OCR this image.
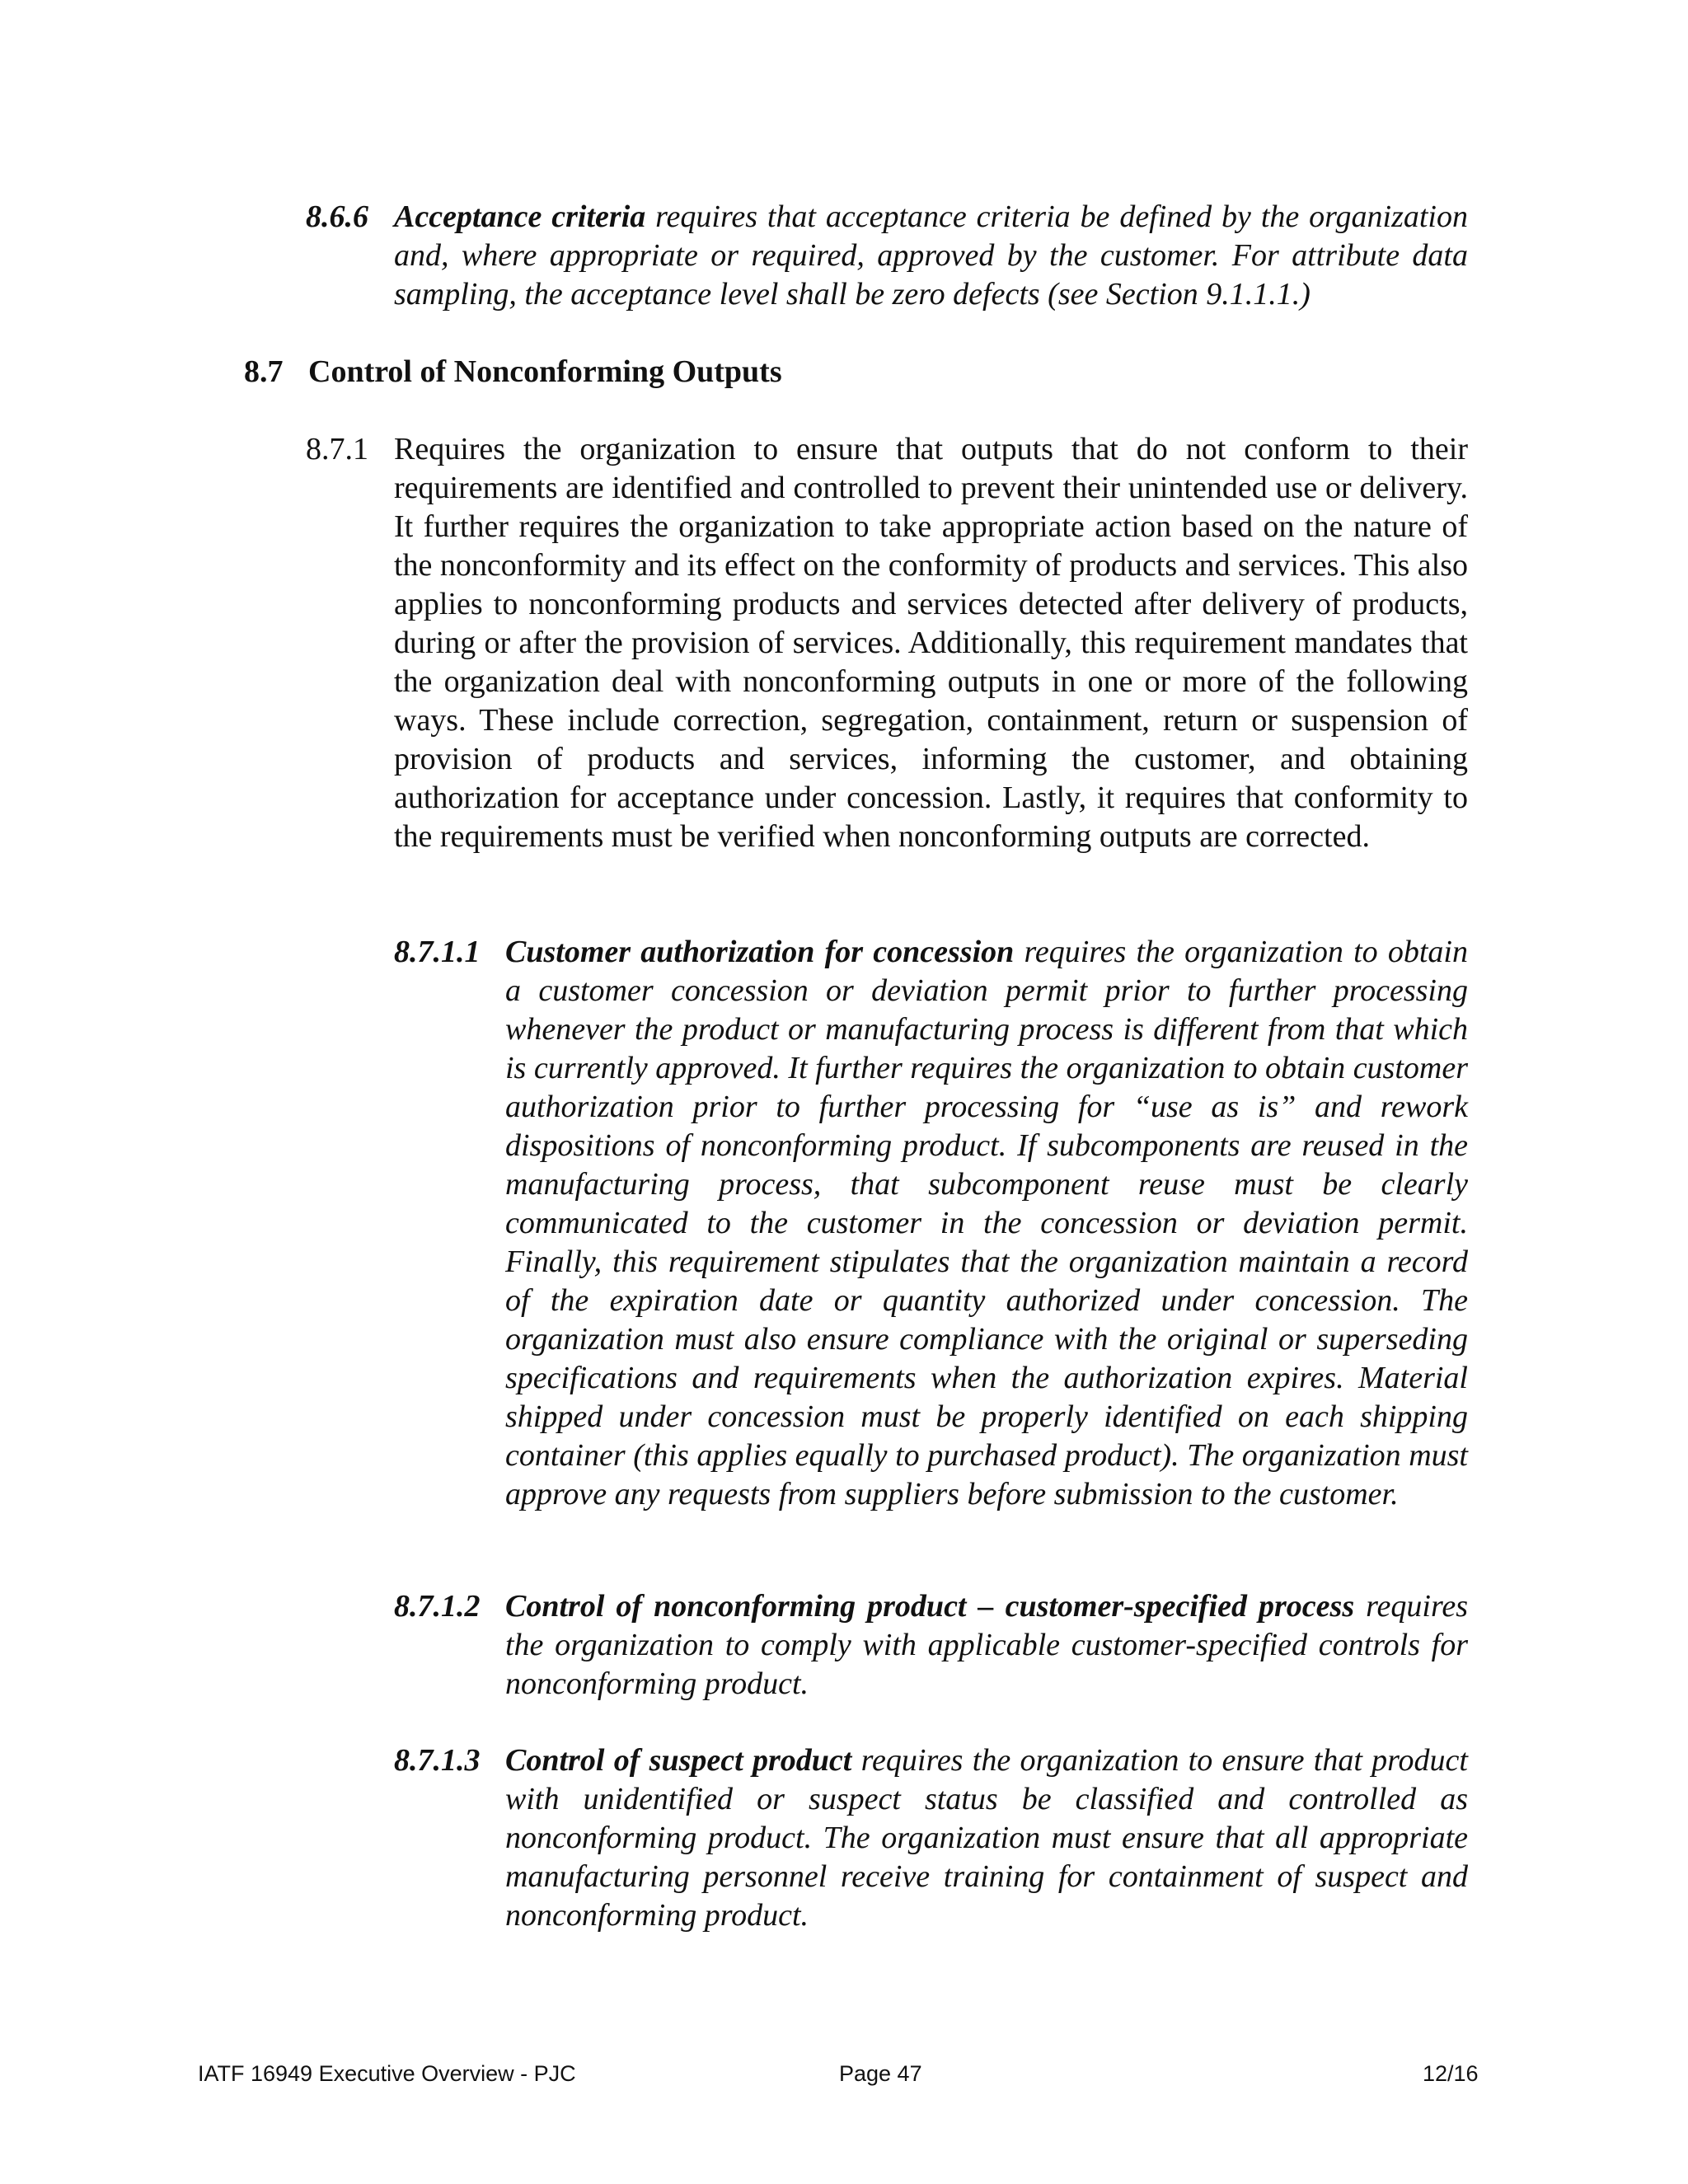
8.6.6 Acceptance criteria requires that acceptance criteria be defined by the organization and, where appropriate or required, approved by the customer. For attribute data sampling, the acceptance level shall be zero defects (see Section 9.1.1.1.)
8.7 Control of Nonconforming Outputs
8.7.1 Requires the organization to ensure that outputs that do not conform to their requirements are identified and controlled to prevent their unintended use or delivery. It further requires the organization to take appropriate action based on the nature of the nonconformity and its effect on the conformity of products and services. This also applies to nonconforming products and services detected after delivery of products, during or after the provision of services. Additionally, this requirement mandates that the organization deal with nonconforming outputs in one or more of the following ways. These include correction, segregation, containment, return or suspension of provision of products and services, informing the customer, and obtaining authorization for acceptance under concession. Lastly, it requires that conformity to the requirements must be verified when nonconforming outputs are corrected.
8.7.1.1 Customer authorization for concession requires the organization to obtain a customer concession or deviation permit prior to further processing whenever the product or manufacturing process is different from that which is currently approved. It further requires the organization to obtain customer authorization prior to further processing for “use as is” and rework dispositions of nonconforming product. If subcomponents are reused in the manufacturing process, that subcomponent reuse must be clearly communicated to the customer in the concession or deviation permit. Finally, this requirement stipulates that the organization maintain a record of the expiration date or quantity authorized under concession. The organization must also ensure compliance with the original or superseding specifications and requirements when the authorization expires. Material shipped under concession must be properly identified on each shipping container (this applies equally to purchased product). The organization must approve any requests from suppliers before submission to the customer.
8.7.1.2 Control of nonconforming product – customer-specified process requires the organization to comply with applicable customer-specified controls for nonconforming product.
8.7.1.3 Control of suspect product requires the organization to ensure that product with unidentified or suspect status be classified and controlled as nonconforming product. The organization must ensure that all appropriate manufacturing personnel receive training for containment of suspect and nonconforming product.
IATF 16949 Executive Overview - PJC	Page 47	12/16
